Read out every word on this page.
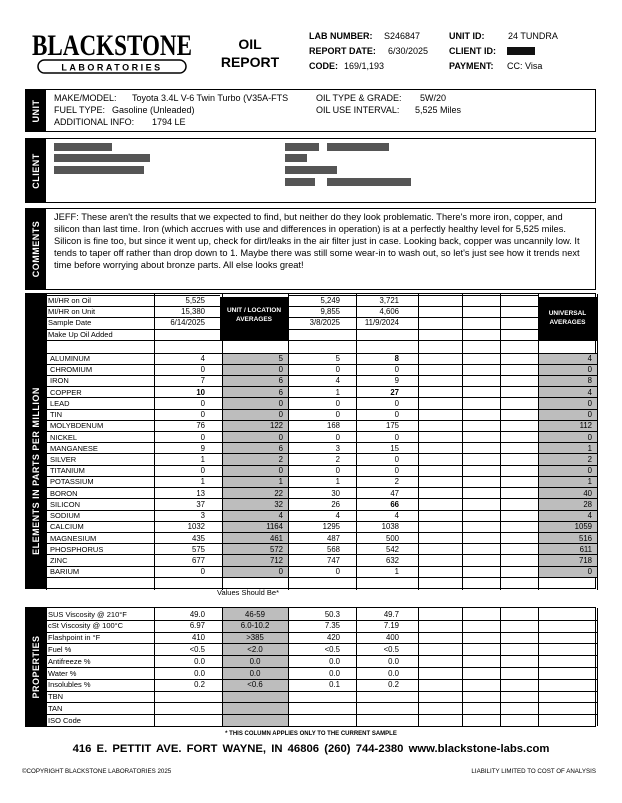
BLACKSTONE
LABORATORIES
OIL
REPORT
LAB NUMBER: S246847
REPORT DATE: 6/30/2025
CODE: 169/1,193
UNIT ID:	24 TUNDRA
CLIENT ID:
PAYMENT: CC: Visa
UNIT
MAKE/MODEL: Toyota 3.4L V-6 Twin Turbo (V35A-FTS
FUEL TYPE: Gasoline (Unleaded)
ADDITIONAL INFO: 1794 LE
OIL TYPE & GRADE: 5W/20
OIL USE INTERVAL: 5,525 Miles
CLIENT
COMMENTS
JEFF: These aren't the results that we expected to find, but neither do they look problematic. There's more iron, copper, and silicon than last time. Iron (which accrues with use and differences in operation) is at a perfectly healthy level for 5,525 miles. Silicon is fine too, but since it went up, check for dirt/leaks in the air filter just in case. Looking back, copper was uncannily low. It tends to taper off rather than drop down to 1. Maybe there was still some wear-in to wash out, so let's just see how it trends next time before worrying about bronze parts. All else looks great!
ELEMENTS IN PARTS PER MILLION
UNIT / LOCATION AVERAGES
UNIVERSAL AVERAGES
MI/HR on Oil	5,525	5,249	3,721
MI/HR on Unit	15,380	9,855	4,606
Sample Date	6/14/2025	3/8/2025	11/9/2024
Make Up Oil Added
ALUMINUM	4	5	5	8	4
CHROMIUM	0	0	0	0	0
IRON	7	6	4	9	8
COPPER	10	6	1	27	4
LEAD	0	0	0	0	0
TIN	0	0	0	0	0
MOLYBDENUM	76	122	168	175	112
NICKEL	0	0	0	0	0
MANGANESE	9	6	3	15	1
SILVER	1	2	2	0	2
TITANIUM	0	0	0	0	0
POTASSIUM	1	1	1	2	1
BORON	13	22	30	47	40
SILICON	37	32	26	66	28
SODIUM	3	4	4	4	4
CALCIUM	1032	1164	1295	1038	1059
MAGNESIUM	435	461	487	500	516
PHOSPHORUS	575	572	568	542	611
ZINC	677	712	747	632	718
BARIUM	0	0	0	1	0
Values Should Be*
PROPERTIES
SUS Viscosity @ 210°F	49.0	46-59	50.3	49.7
cSt Viscosity @ 100°C	6.97	6.0-10.2	7.35	7.19
Flashpoint in °F	410	>385	420	400
Fuel %	<0.5	<2.0	<0.5	<0.5
Antifreeze %	0.0	0.0	0.0	0.0
Water %	0.0	0.0	0.0	0.0
Insolubles %	0.2	<0.6	0.1	0.2
TBN
TAN
ISO Code
* THIS COLUMN APPLIES ONLY TO THE CURRENT SAMPLE
416 E. PETTIT AVE. FORT WAYNE, IN 46806 (260) 744-2380 www.blackstone-labs.com
©COPYRIGHT BLACKSTONE LABORATORIES 2025	LIABILITY LIMITED TO COST OF ANALYSIS
